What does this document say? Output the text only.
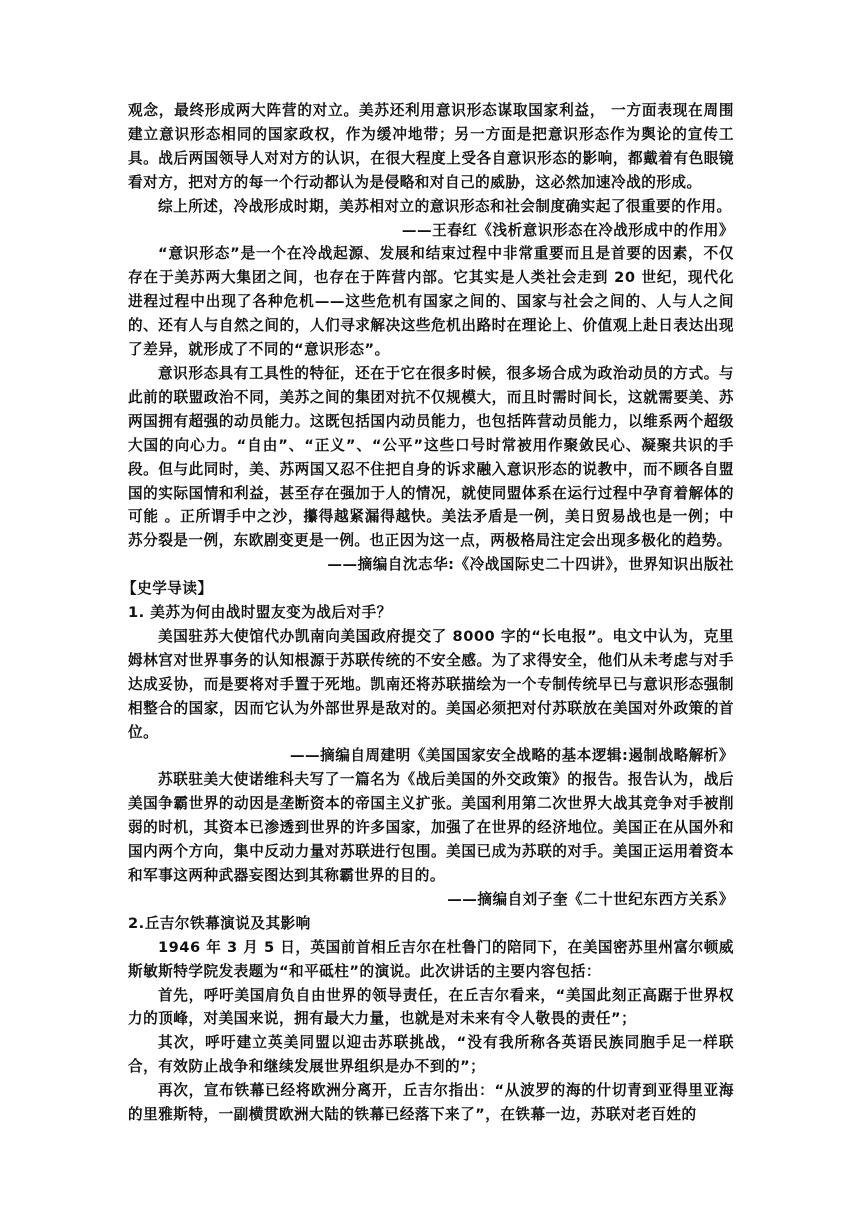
观念，最终形成两大阵营的对立。美苏还利用意识形态谋取国家利益， 一方面表现在周围建立意识形态相同的国家政权，作为缓冲地带；另一方面是把意识形态作为舆论的宣传工具。战后两国领导人对对方的认识，在很大程度上受各自意识形态的影响，都戴着有色眼镜看对方，把对方的每一个行动都认为是侵略和对自己的威胁，这必然加速冷战的形成。

综上所述，冷战形成时期，美苏相对立的意识形态和社会制度确实起了很重要的作用。

——王春红《浅析意识形态在冷战形成中的作用》

“意识形态”是一个在冷战起源、发展和结束过程中非常重要而且是首要的因素，不仅存在于美苏两大集团之间，也存在于阵营内部。它其实是人类社会走到 20 世纪，现代化进程过程中出现了各种危机——这些危机有国家之间的、国家与社会之间的、人与人之间的、还有人与自然之间的，人们寻求解决这些危机出路时在理论上、价值观上赴日表达出现了差异，就形成了不同的“意识形态”。

意识形态具有工具性的特征，还在于它在很多时候，很多场合成为政治动员的方式。与此前的联盟政治不同，美苏之间的集团对抗不仅规模大，而且时需时间长，这就需要美、苏两国拥有超强的动员能力。这既包括国内动员能力，也包括阵营动员能力，以维系两个超级大国的向心力。“自由”、“正义”、“公平”这些口号时常被用作聚敛民心、凝聚共识的手段。但与此同时，美、苏两国又忍不住把自身的诉求融入意识形态的说教中，而不顾各自盟国的实际国情和利益，甚至存在强加于人的情况，就使同盟体系在运行过程中孕育着解体的可能 。正所谓手中之沙，攥得越紧漏得越快。美法矛盾是一例，美日贸易战也是一例；中苏分裂是一例，东欧剧变更是一例。也正因为这一点，两极格局注定会出现多极化的趋势。

——摘编自沈志华:《冷战国际史二十四讲》，世界知识出版社

【史学导读】

1. 美苏为何由战时盟友变为战后对手？

美国驻苏大使馆代办凯南向美国政府提交了 8000 字的“长电报”。电文中认为，克里姆林宫对世界事务的认知根源于苏联传统的不安全感。为了求得安全，他们从未考虑与对手达成妥协，而是要将对手置于死地。凯南还将苏联描绘为一个专制传统早已与意识形态强制相整合的国家，因而它认为外部世界是敌对的。美国必须把对付苏联放在美国对外政策的首位。

——摘编自周建明《美国国家安全战略的基本逻辑:遏制战略解析》

苏联驻美大使诺维科夫写了一篇名为《战后美国的外交政策》的报告。报告认为，战后美国争霸世界的动因是垄断资本的帝国主义扩张。美国利用第二次世界大战其竞争对手被削弱的时机，其资本已渗透到世界的许多国家，加强了在世界的经济地位。美国正在从国外和国内两个方向，集中反动力量对苏联进行包围。美国已成为苏联的对手。美国正运用着资本和军事这两种武器妄图达到其称霸世界的目的。

——摘编自刘子奎《二十世纪东西方关系》

2.丘吉尔铁幕演说及其影响

1946 年 3 月 5 日，英国前首相丘吉尔在杜鲁门的陪同下，在美国密苏里州富尔顿威斯敏斯特学院发表题为“和平砥柱”的演说。此次讲话的主要内容包括：

首先，呼吁美国肩负自由世界的领导责任，在丘吉尔看来，“美国此刻正高踞于世界权力的顶峰，对美国来说，拥有最大力量，也就是对未来有令人敬畏的责任”；

其次，呼吁建立英美同盟以迎击苏联挑战，“没有我所称各英语民族同胞手足一样联合，有效防止战争和继续发展世界组织是办不到的”；

再次，宣布铁幕已经将欧洲分离开，丘吉尔指出：“从波罗的海的什切青到亚得里亚海的里雅斯特，一副横贯欧洲大陆的铁幕已经落下来了”，在铁幕一边，苏联对老百姓的
